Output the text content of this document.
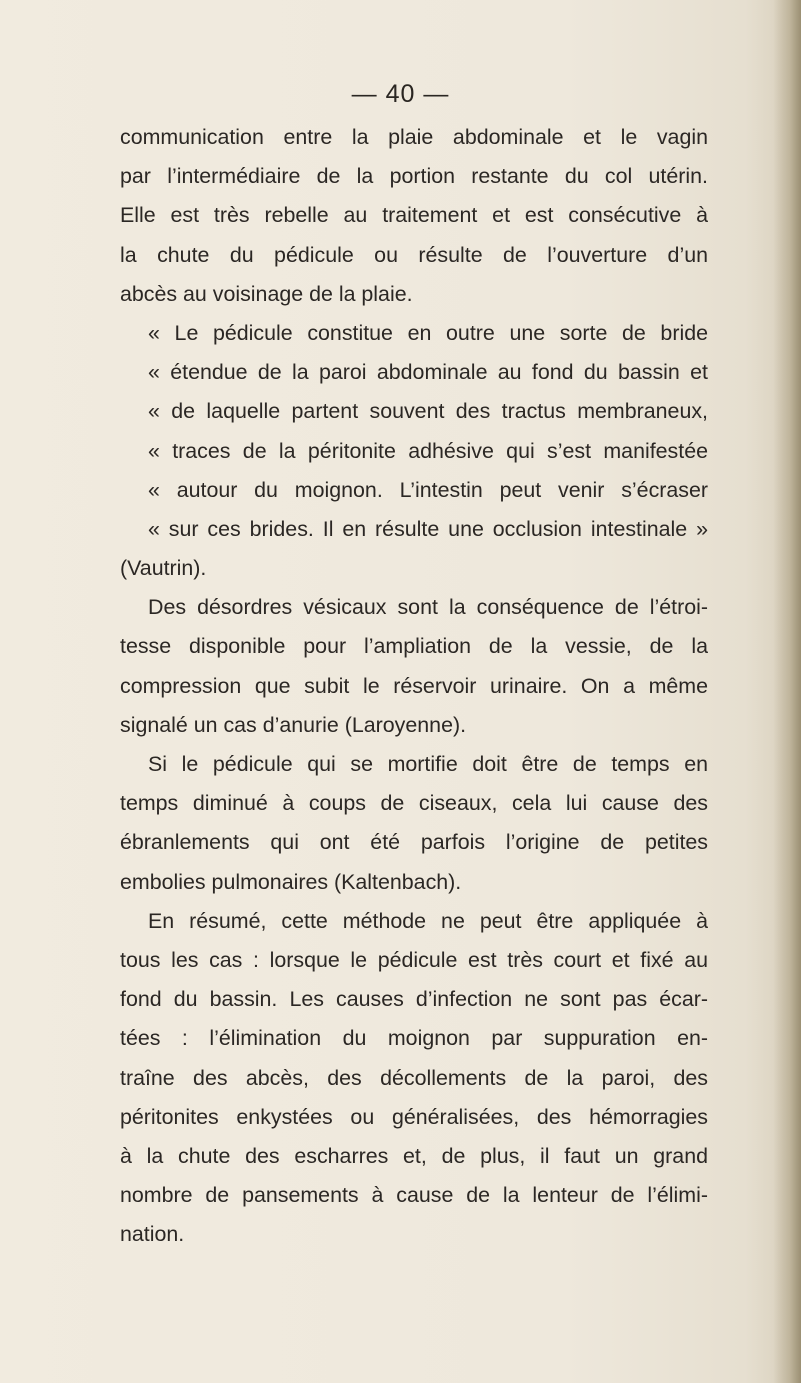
— 40 —
communication entre la plaie abdominale et le vagin
par l’intermédiaire de la portion restante du col utérin.
Elle est très rebelle au traitement et est consécutive à
la chute du pédicule ou résulte de l’ouverture d’un
abcès au voisinage de la plaie.
« Le pédicule constitue en outre une sorte de bride
« étendue de la paroi abdominale au fond du bassin et
« de laquelle partent souvent des tractus membraneux,
« traces de la péritonite adhésive qui s’est manifestée
« autour du moignon. L’intestin peut venir s’écraser
« sur ces brides. Il en résulte une occlusion intestinale »
(Vautrin).
Des désordres vésicaux sont la conséquence de l’étroi-
tesse disponible pour l’ampliation de la vessie, de la
compression que subit le réservoir urinaire. On a même
signalé un cas d’anurie (Laroyenne).
Si le pédicule qui se mortifie doit être de temps en
temps diminué à coups de ciseaux, cela lui cause des
ébranlements qui ont été parfois l’origine de petites
embolies pulmonaires (Kaltenbach).
En résumé, cette méthode ne peut être appliquée à
tous les cas : lorsque le pédicule est très court et fixé au
fond du bassin. Les causes d’infection ne sont pas écar-
tées : l’élimination du moignon par suppuration en-
traîne des abcès, des décollements de la paroi, des
péritonites enkystées ou généralisées, des hémorragies
à la chute des escharres et, de plus, il faut un grand
nombre de pansements à cause de la lenteur de l’élimi-
nation.
